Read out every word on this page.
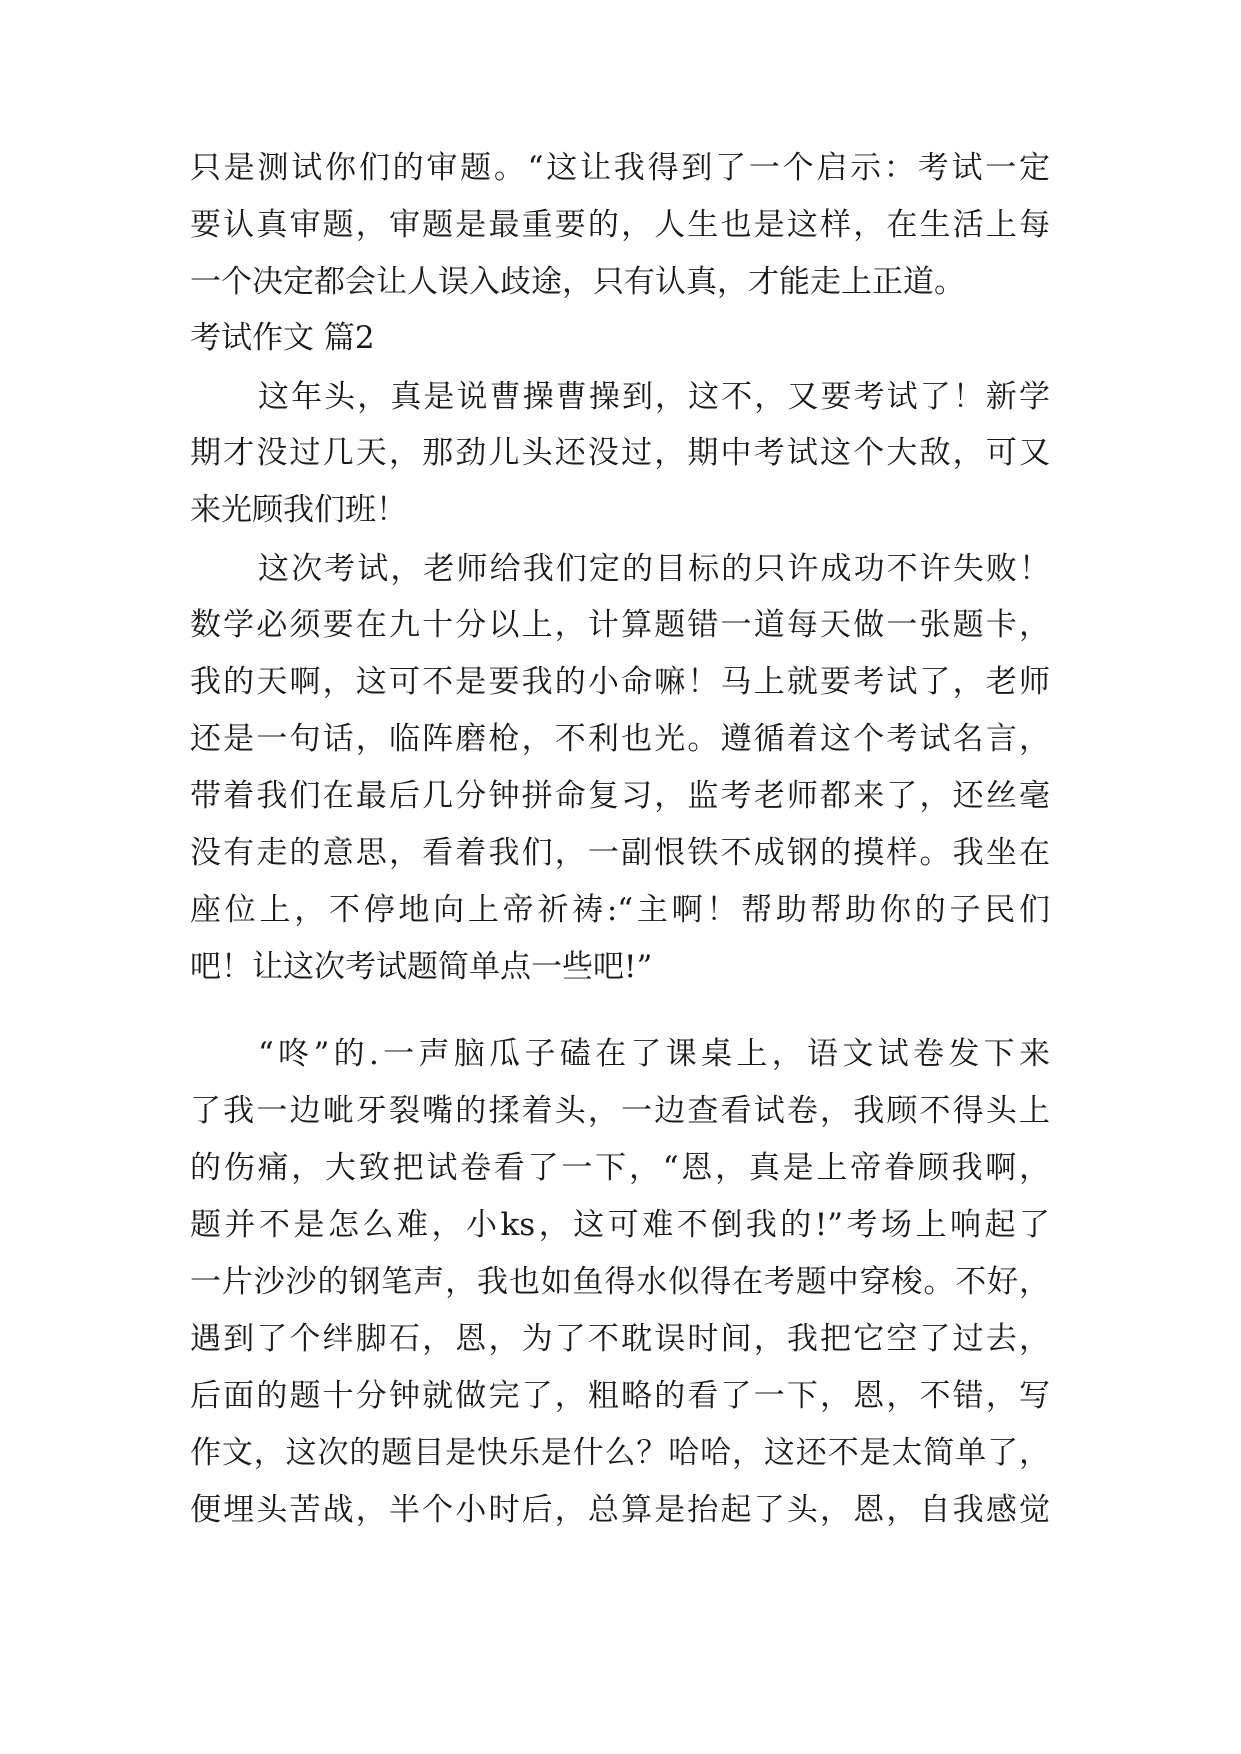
只是测试你们的审题。“这让我得到了一个启示：考试一定
要认真审题，审题是最重要的，人生也是这样，在生活上每
一个决定都会让人误入歧途，只有认真，才能走上正道。
考试作文 篇2
这年头，真是说曹操曹操到，这不，又要考试了！新学
期才没过几天，那劲儿头还没过，期中考试这个大敌，可又
来光顾我们班！
这次考试，老师给我们定的目标的只许成功不许失败！
数学必须要在九十分以上，计算题错一道每天做一张题卡，
我的天啊，这可不是要我的小命嘛！马上就要考试了，老师
还是一句话，临阵磨枪，不利也光。遵循着这个考试名言，
带着我们在最后几分钟拼命复习，监考老师都来了，还丝毫
没有走的意思，看着我们，一副恨铁不成钢的摸样。我坐在
座位上，不停地向上帝祈祷:“主啊！帮助帮助你的子民们
吧！让这次考试题简单点一些吧!”
“咚”的.一声脑瓜子磕在了课桌上，语文试卷发下来
了我一边呲牙裂嘴的揉着头，一边查看试卷，我顾不得头上
的伤痛，大致把试卷看了一下，“恩，真是上帝眷顾我啊，
题并不是怎么难，小ks，这可难不倒我的!”考场上响起了
一片沙沙的钢笔声，我也如鱼得水似得在考题中穿梭。不好，
遇到了个绊脚石，恩，为了不耽误时间，我把它空了过去，
后面的题十分钟就做完了，粗略的看了一下，恩，不错，写
作文，这次的题目是快乐是什么？哈哈，这还不是太简单了，
便埋头苦战，半个小时后，总算是抬起了头，恩，自我感觉
